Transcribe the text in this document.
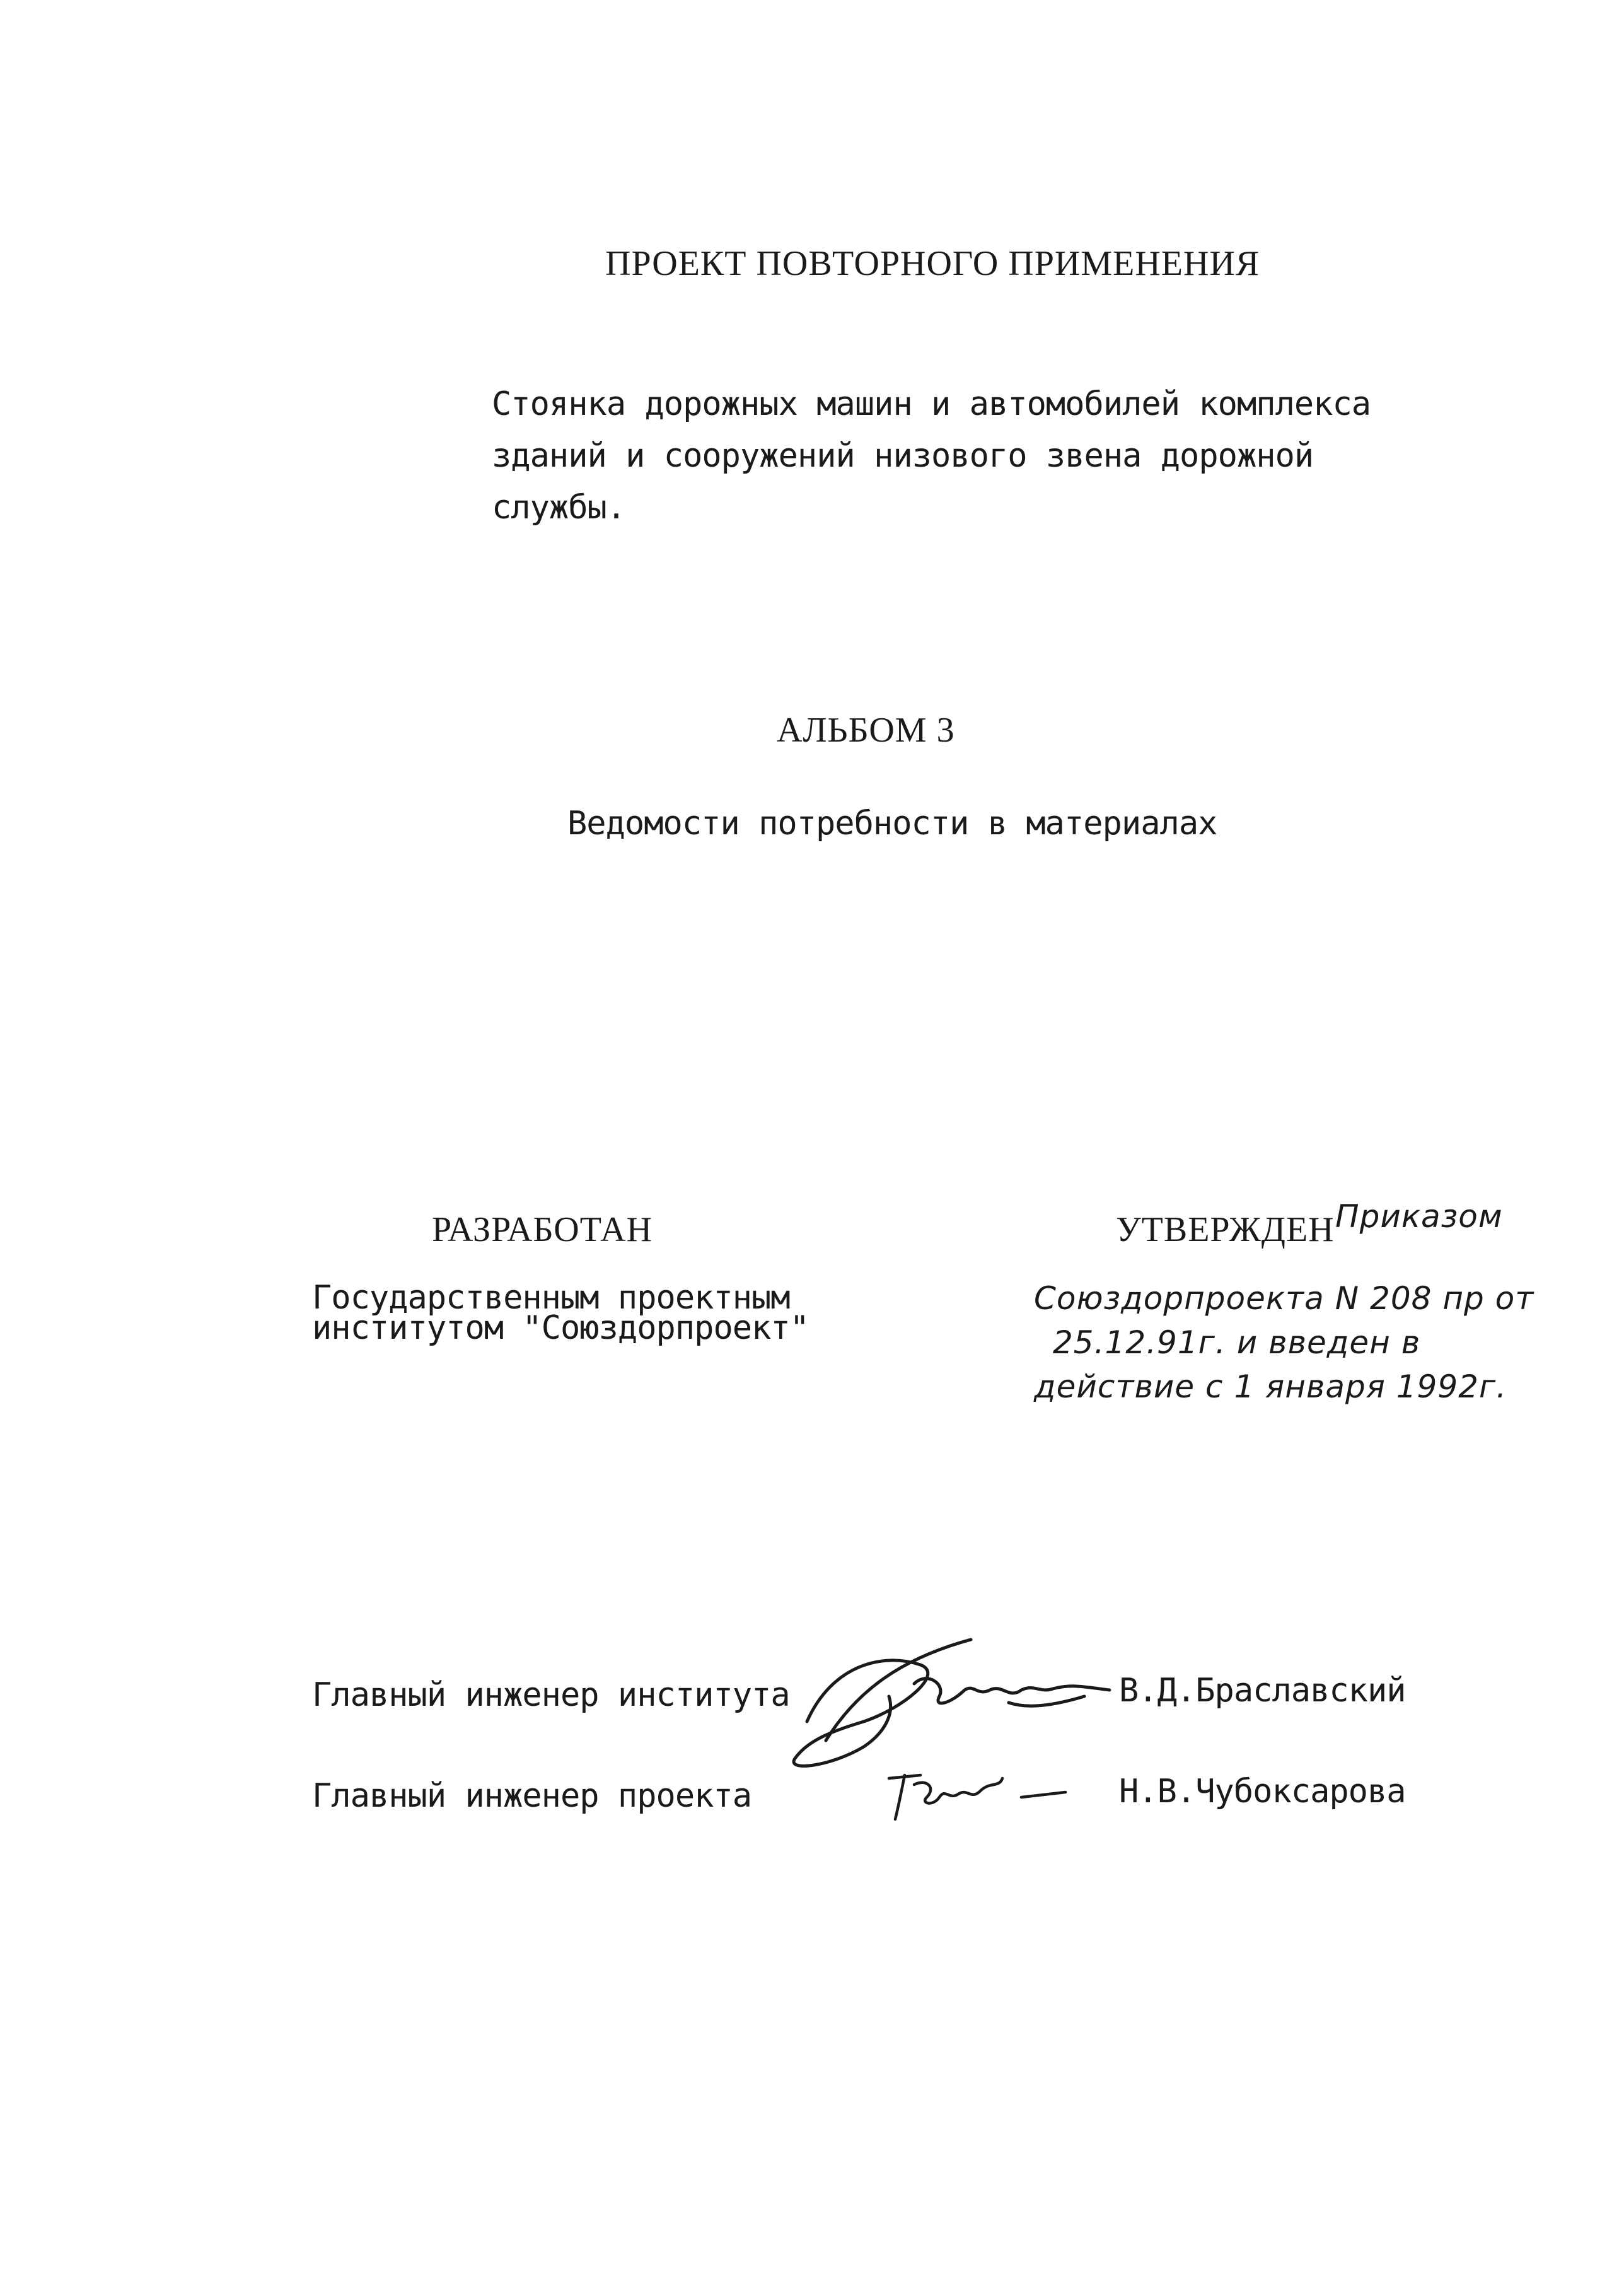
ПРОЕКТ ПОВТОРНОГО ПРИМЕНЕНИЯ
Стоянка дорожных машин и автомобилей комплекса
зданий и сооружений низового звена дорожной
службы.
АЛЬБОМ 3
Ведомости потребности в материалах
РАЗРАБОТАН
Государственным проектным
институтом "Союздорпроект"
УТВЕРЖДЕН Приказом
Союздорпроекта N 208 пр от
25.12.91г. и введен в
действие с 1 января 1992г.
Главный инженер института	В.Д.Браславский
Главный инженер проекта	Н.В.Чубоксарова
